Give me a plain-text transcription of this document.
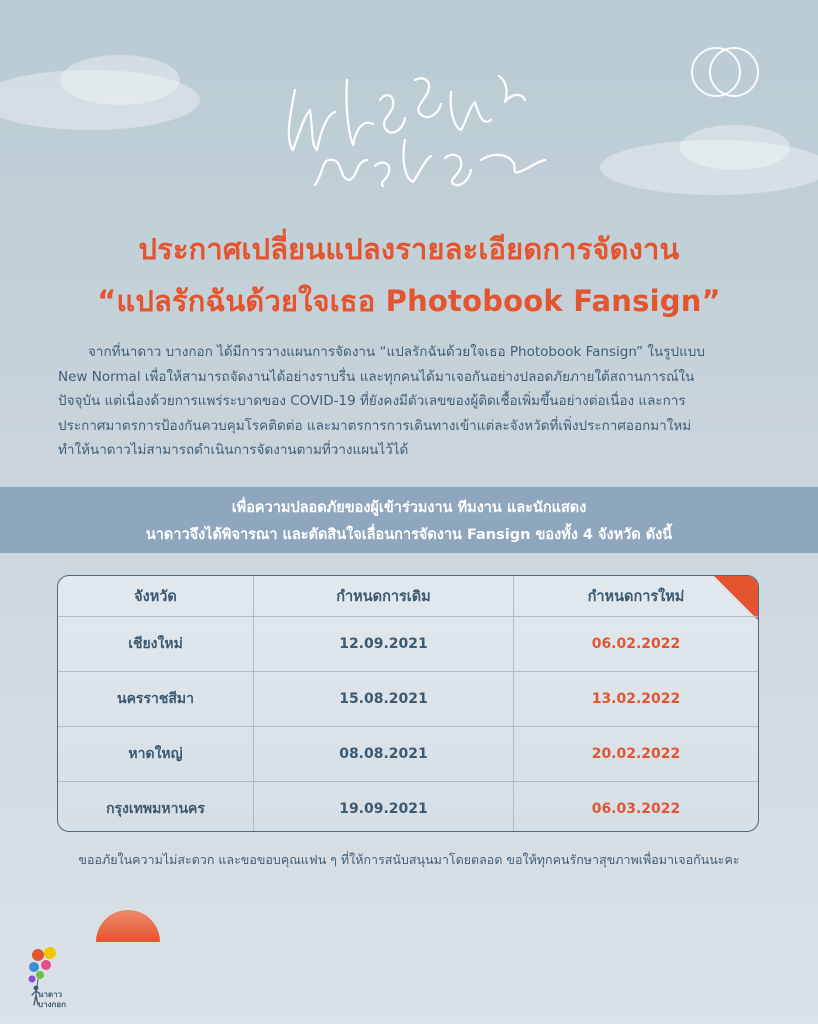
ประกาศเปลี่ยนแปลงรายละเอียดการจัดงาน
“แปลรักฉันด้วยใจเธอ Photobook Fansign”
จากที่นาดาว บางกอก ได้มีการวางแผนการจัดงาน “แปลรักฉันด้วยใจเธอ Photobook Fansign” ในรูปแบบ
New Normal เพื่อให้สามารถจัดงานได้อย่างราบรื่น และทุกคนได้มาเจอกันอย่างปลอดภัยภายใต้สถานการณ์ใน
ปัจจุบัน แต่เนื่องด้วยการแพร่ระบาดของ COVID-19 ที่ยังคงมีตัวเลขของผู้ติดเชื้อเพิ่มขึ้นอย่างต่อเนื่อง และการ
ประกาศมาตรการป้องกันควบคุมโรคติดต่อ และมาตรการการเดินทางเข้าแต่ละจังหวัดที่เพิ่งประกาศออกมาใหม่
ทำให้นาดาวไม่สามารถดำเนินการจัดงานตามที่วางแผนไว้ได้
เพื่อความปลอดภัยของผู้เข้าร่วมงาน ทีมงาน และนักแสดง
นาดาวจึงได้พิจารณา และตัดสินใจเลื่อนการจัดงาน Fansign ของทั้ง 4 จังหวัด ดังนี้
จังหวัด	กำหนดการเดิม	กำหนดการใหม่
เชียงใหม่	12.09.2021	06.02.2022
นครราชสีมา	15.08.2021	13.02.2022
หาดใหญ่	08.08.2021	20.02.2022
กรุงเทพมหานคร	19.09.2021	06.03.2022
ขออภัยในความไม่สะดวก และขอขอบคุณแฟน ๆ ที่ให้การสนับสนุนมาโดยตลอด ขอให้ทุกคนรักษาสุขภาพเพื่อมาเจอกันนะคะ
นาดาว
บางกอก
